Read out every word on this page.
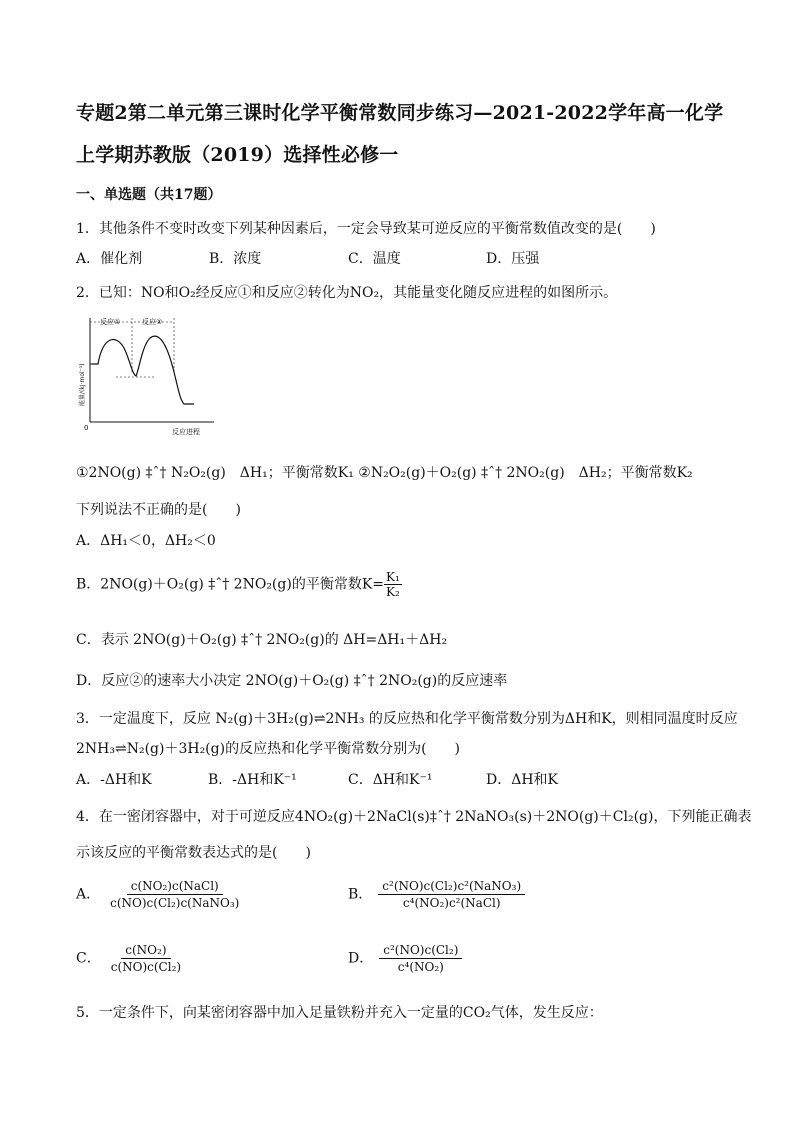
专题2第二单元第三课时化学平衡常数同步练习—2021-2022学年高一化学上学期苏教版（2019）选择性必修一
一、单选题（共17题）
1．其他条件不变时改变下列某种因素后，一定会导致某可逆反应的平衡常数值改变的是(　　)
A．催化剂	B．浓度	C．温度	D．压强
2．已知：NO和O₂经反应①和反应②转化为NO₂，其能量变化随反应进程的如图所示。
反应①	反应②
能量/(kJ·mol⁻¹)
反应进程
0
①2NO(g) ‡ˆ† N₂O₂(g)　ΔH₁；平衡常数K₁ ②N₂O₂(g)＋O₂(g) ‡ˆ† 2NO₂(g)　ΔH₂；平衡常数K₂
下列说法不正确的是(　　)
A．ΔH₁＜0，ΔH₂＜0
B．2NO(g)＋O₂(g) ‡ˆ† 2NO₂(g)的平衡常数$K= \frac{\text{K₁}}{\text{K₂}}$
C．表示 2NO(g)＋O₂(g) ‡ˆ† 2NO₂(g)的 ΔH=ΔH₁＋ΔH₂
D．反应②的速率大小决定 2NO(g)＋O₂(g) ‡ˆ† 2NO₂(g)的反应速率
3．一定温度下，反应 N₂(g)＋3H₂(g)⇌2NH₃ 的反应热和化学平衡常数分别为ΔH和K，则相同温度时反应
2NH₃⇌N₂(g)＋3H₂(g)的反应热和化学平衡常数分别为(　　)
A．-ΔH和K	B．-ΔH和K⁻¹	C．ΔH和K⁻¹	D．ΔH和K
4．在一密闭容器中，对于可逆反应4NO₂(g)＋2NaCl(s)‡ˆ† 2NaNO₃(s)＋2NO(g)＋Cl₂(g)，下列能正确表
示该反应的平衡常数表达式的是(　　)
A． $\frac{\text{c(NO₂)c(NaCl)}}{\text{c(NO)c(Cl₂)c(NaNO₃)}}$	B． $\frac{\text{c²(NO)c(Cl₂)c²(NaNO₃)}}{\text{c⁴(NO₂)c²(NaCl)}}$
C． $\frac{\text{c(NO₂)}}{\text{c(NO)c(Cl₂)}}$	D． $\frac{\text{c²(NO)c(Cl₂)}}{\text{c⁴(NO₂)}}$
5．一定条件下，向某密闭容器中加入足量铁粉并充入一定量的CO₂气体，发生反应：
